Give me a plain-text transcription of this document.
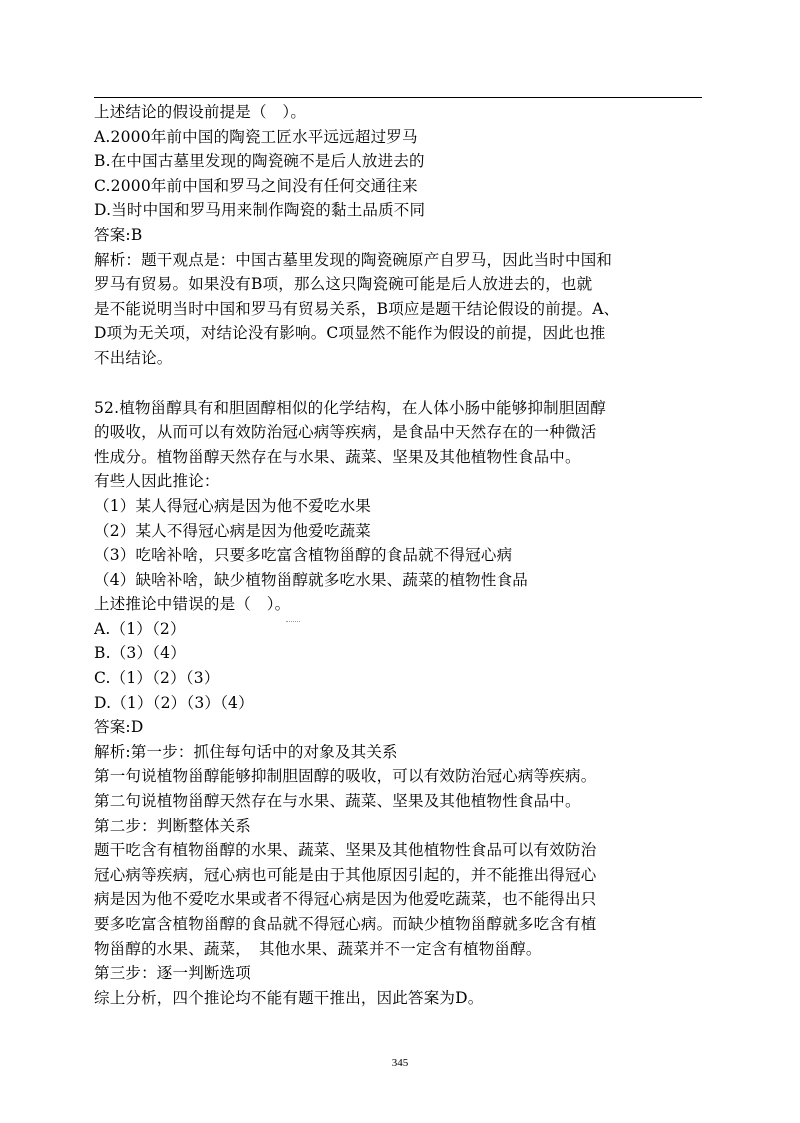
上述结论的假设前提是（　）。
A.2000年前中国的陶瓷工匠水平远远超过罗马
B.在中国古墓里发现的陶瓷碗不是后人放进去的
C.2000年前中国和罗马之间没有任何交通往来
D.当时中国和罗马用来制作陶瓷的黏土品质不同
答案:B
解析：题干观点是：中国古墓里发现的陶瓷碗原产自罗马，因此当时中国和
罗马有贸易。如果没有B项，那么这只陶瓷碗可能是后人放进去的，也就
是不能说明当时中国和罗马有贸易关系，B项应是题干结论假设的前提。A、
D项为无关项，对结论没有影响。C项显然不能作为假设的前提，因此也推
不出结论。
52.植物甾醇具有和胆固醇相似的化学结构，在人体小肠中能够抑制胆固醇
的吸收，从而可以有效防治冠心病等疾病，是食品中天然存在的一种微活
性成分。植物甾醇天然存在与水果、蔬菜、坚果及其他植物性食品中。
有些人因此推论：
（1）某人得冠心病是因为他不爱吃水果
（2）某人不得冠心病是因为他爱吃蔬菜
（3）吃啥补啥，只要多吃富含植物甾醇的食品就不得冠心病
（4）缺啥补啥，缺少植物甾醇就多吃水果、蔬菜的植物性食品
上述推论中错误的是（　）。
A.（1）（2）
B.（3）（4）
C.（1）（2）（3）
D.（1）（2）（3）（4）
答案:D
解析:第一步：抓住每句话中的对象及其关系
第一句说植物甾醇能够抑制胆固醇的吸收，可以有效防治冠心病等疾病。
第二句说植物甾醇天然存在与水果、蔬菜、坚果及其他植物性食品中。
第二步：判断整体关系
题干吃含有植物甾醇的水果、蔬菜、坚果及其他植物性食品可以有效防治
冠心病等疾病，冠心病也可能是由于其他原因引起的，并不能推出得冠心
病是因为他不爱吃水果或者不得冠心病是因为他爱吃蔬菜，也不能得出只
要多吃富含植物甾醇的食品就不得冠心病。而缺少植物甾醇就多吃含有植
物甾醇的水果、蔬菜，　其他水果、蔬菜并不一定含有植物甾醇。
第三步：逐一判断选项
综上分析，四个推论均不能有题干推出，因此答案为D。
345
